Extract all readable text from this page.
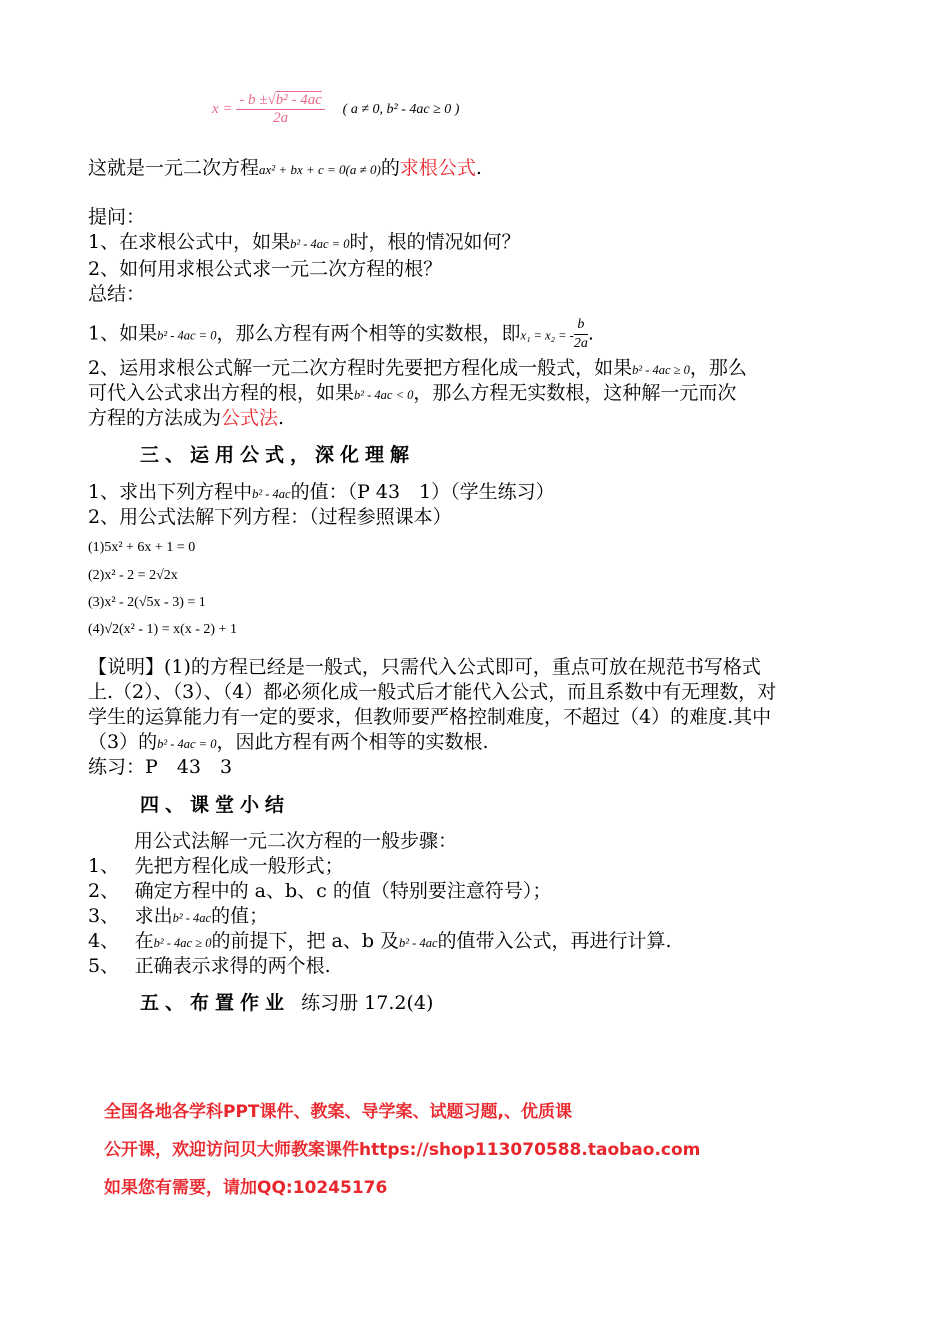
$x = \frac{\text{- b ±√b² - 4ac}}{2a}$ ( a ≠ 0, b² - 4ac ≥ 0 )
这就是一元二次方程ax² + bx + c = 0(a ≠ 0)的求根公式.
提问：
1、在求根公式中，如果b² - 4ac = 0时，根的情况如何？
2、如何用求根公式求一元二次方程的根？
总结：
1、如果b² - 4ac = 0，那么方程有两个相等的实数根，即x₁ = x₂ = - $\frac{b}{2a}$ .
2、运用求根公式解一元二次方程时先要把方程化成一般式，如果b² - 4ac ≥ 0，那么
可代入公式求出方程的根，如果b² - 4ac < 0，那么方程无实数根，这种解一元而次
方程的方法成为公式法.
三、运用公式，深化理解
1、求出下列方程中b² - 4ac的值：（P 43　1）（学生练习）
2、用公式法解下列方程：（过程参照课本）
(1)5x² + 6x + 1 = 0
(2)x² - 2 = 2√2x
(3)x² - 2(√5x - 3) = 1
(4)√2(x² - 1) = x(x - 2) + 1
【说明】(1)的方程已经是一般式，只需代入公式即可，重点可放在规范书写格式
上.（2）、（3）、（4）都必须化成一般式后才能代入公式，而且系数中有无理数，对
学生的运算能力有一定的要求，但教师要严格控制难度，不超过（4）的难度.其中
（3）的b² - 4ac = 0，因此方程有两个相等的实数根.
练习：P　43　3
四、课堂小结
用公式法解一元二次方程的一般步骤：
1、　 先把方程化成一般形式；
2、　 确定方程中的 a、b、c 的值（特别要注意符号）；
3、　 求出b² - 4ac的值；
4、　 在b² - 4ac ≥ 0的前提下，把 a、b 及b² - 4ac的值带入公式，再进行计算.
5、　 正确表示求得的两个根.
五、布置作业 练习册 17.2(4)
全国各地各学科PPT课件、教案、导学案、试题习题,、优质课
公开课，欢迎访问贝大师教案课件https://shop113070588.taobao.com
如果您有需要，请加QQ:10245176
